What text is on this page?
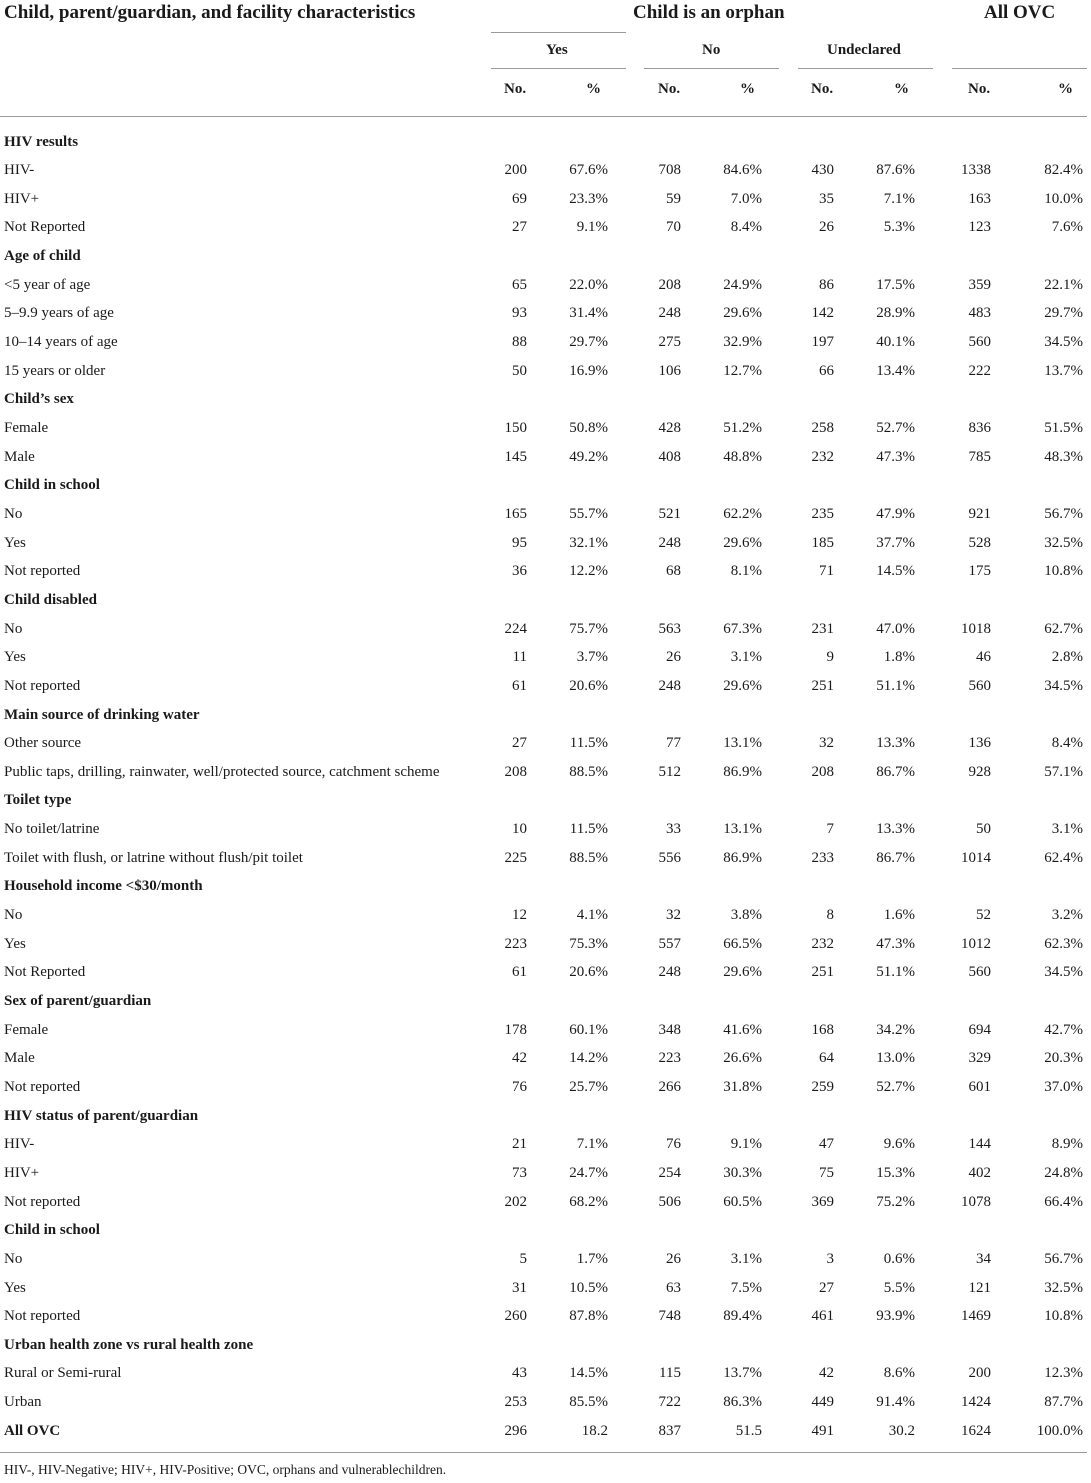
Child, parent/guardian, and facility characteristics	Child is an orphan	All OVC
Yes	No	Undeclared
No.	%	No.	%	No.	%	No.	%
HIV results
HIV-	200	67.6%	708	84.6%	430	87.6%	1338	82.4%
HIV+	69	23.3%	59	7.0%	35	7.1%	163	10.0%
Not Reported	27	9.1%	70	8.4%	26	5.3%	123	7.6%
Age of child
<5 year of age	65	22.0%	208	24.9%	86	17.5%	359	22.1%
5–9.9 years of age	93	31.4%	248	29.6%	142	28.9%	483	29.7%
10–14 years of age	88	29.7%	275	32.9%	197	40.1%	560	34.5%
15 years or older	50	16.9%	106	12.7%	66	13.4%	222	13.7%
Child’s sex
Female	150	50.8%	428	51.2%	258	52.7%	836	51.5%
Male	145	49.2%	408	48.8%	232	47.3%	785	48.3%
Child in school
No	165	55.7%	521	62.2%	235	47.9%	921	56.7%
Yes	95	32.1%	248	29.6%	185	37.7%	528	32.5%
Not reported	36	12.2%	68	8.1%	71	14.5%	175	10.8%
Child disabled
No	224	75.7%	563	67.3%	231	47.0%	1018	62.7%
Yes	11	3.7%	26	3.1%	9	1.8%	46	2.8%
Not reported	61	20.6%	248	29.6%	251	51.1%	560	34.5%
Main source of drinking water
Other source	27	11.5%	77	13.1%	32	13.3%	136	8.4%
Public taps, drilling, rainwater, well/protected source, catchment scheme	208	88.5%	512	86.9%	208	86.7%	928	57.1%
Toilet type
No toilet/latrine	10	11.5%	33	13.1%	7	13.3%	50	3.1%
Toilet with flush, or latrine without flush/pit toilet	225	88.5%	556	86.9%	233	86.7%	1014	62.4%
Household income <$30/month
No	12	4.1%	32	3.8%	8	1.6%	52	3.2%
Yes	223	75.3%	557	66.5%	232	47.3%	1012	62.3%
Not Reported	61	20.6%	248	29.6%	251	51.1%	560	34.5%
Sex of parent/guardian
Female	178	60.1%	348	41.6%	168	34.2%	694	42.7%
Male	42	14.2%	223	26.6%	64	13.0%	329	20.3%
Not reported	76	25.7%	266	31.8%	259	52.7%	601	37.0%
HIV status of parent/guardian
HIV-	21	7.1%	76	9.1%	47	9.6%	144	8.9%
HIV+	73	24.7%	254	30.3%	75	15.3%	402	24.8%
Not reported	202	68.2%	506	60.5%	369	75.2%	1078	66.4%
Child in school
No	5	1.7%	26	3.1%	3	0.6%	34	56.7%
Yes	31	10.5%	63	7.5%	27	5.5%	121	32.5%
Not reported	260	87.8%	748	89.4%	461	93.9%	1469	10.8%
Urban health zone vs rural health zone
Rural or Semi-rural	43	14.5%	115	13.7%	42	8.6%	200	12.3%
Urban	253	85.5%	722	86.3%	449	91.4%	1424	87.7%
All OVC	296	18.2	837	51.5	491	30.2	1624	100.0%
HIV-, HIV-Negative; HIV+, HIV-Positive; OVC, orphans and vulnerablechildren.
